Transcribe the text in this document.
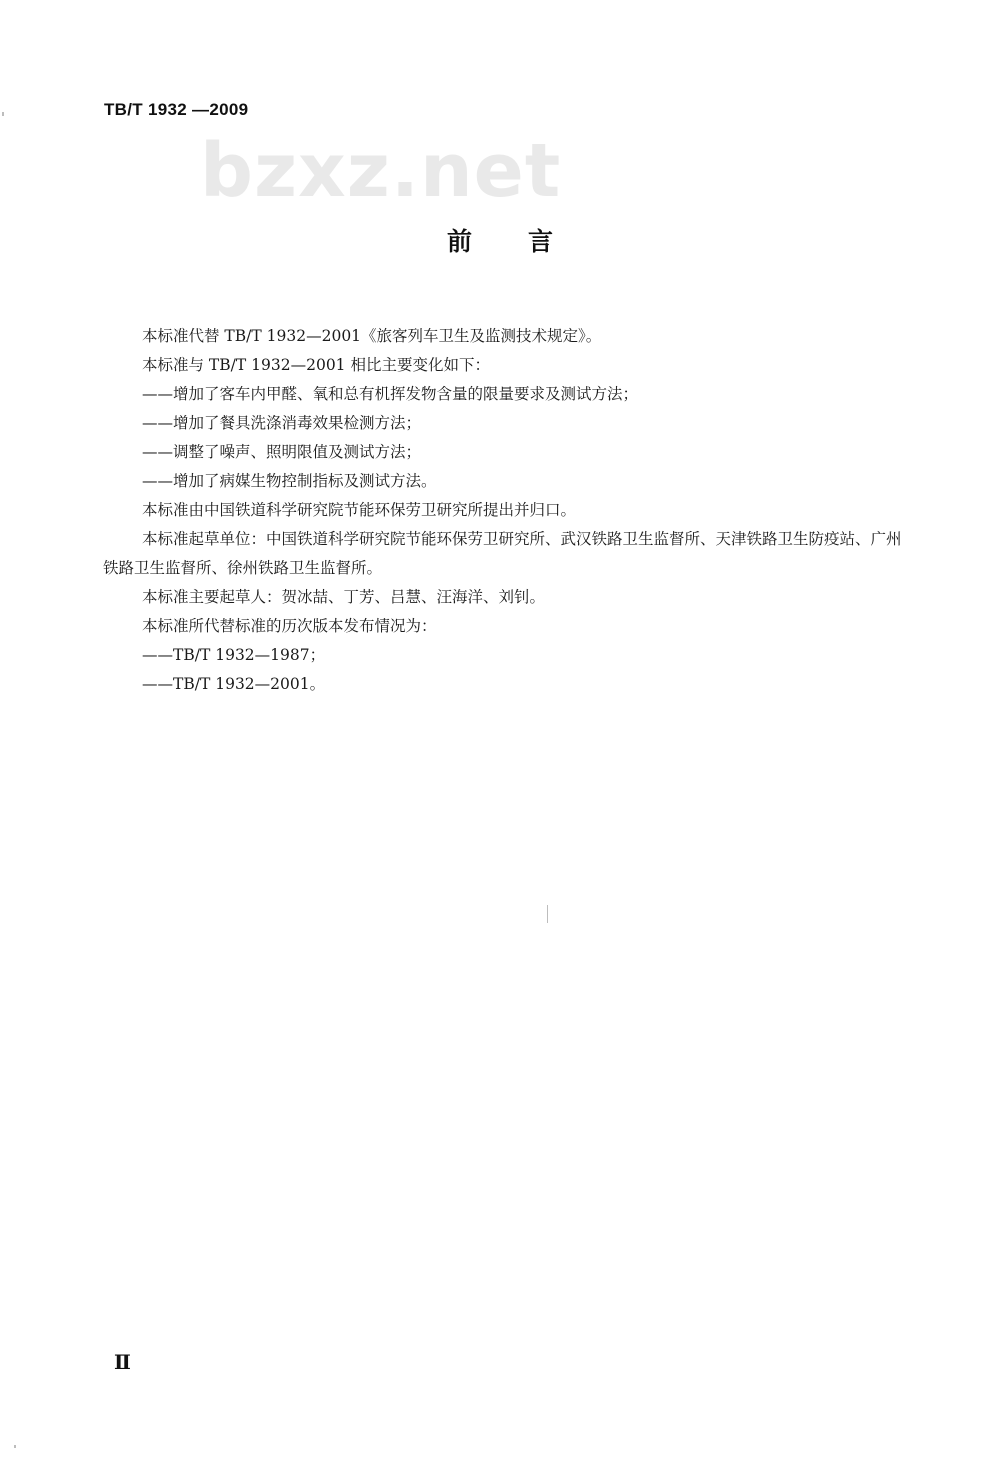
TB/T 1932 —2009
bzxz.net
前言

本标准代替 TB/T 1932—2001《旅客列车卫生及监测技术规定》。

本标准与 TB/T 1932—2001 相比主要变化如下：

——增加了客车内甲醛、氧和总有机挥发物含量的限量要求及测试方法；

——增加了餐具洗涤消毒效果检测方法；

——调整了噪声、照明限值及测试方法；

——增加了病媒生物控制指标及测试方法。

本标准由中国铁道科学研究院节能环保劳卫研究所提出并归口。

本标准起草单位：中国铁道科学研究院节能环保劳卫研究所、武汉铁路卫生监督所、天津铁路卫生防疫站、广州铁路卫生监督所、徐州铁路卫生监督所。

本标准主要起草人：贺冰喆、丁芳、吕慧、汪海洋、刘钊。

本标准所代替标准的历次版本发布情况为：

——TB/T 1932—1987；

——TB/T 1932—2001。

Ⅱ
